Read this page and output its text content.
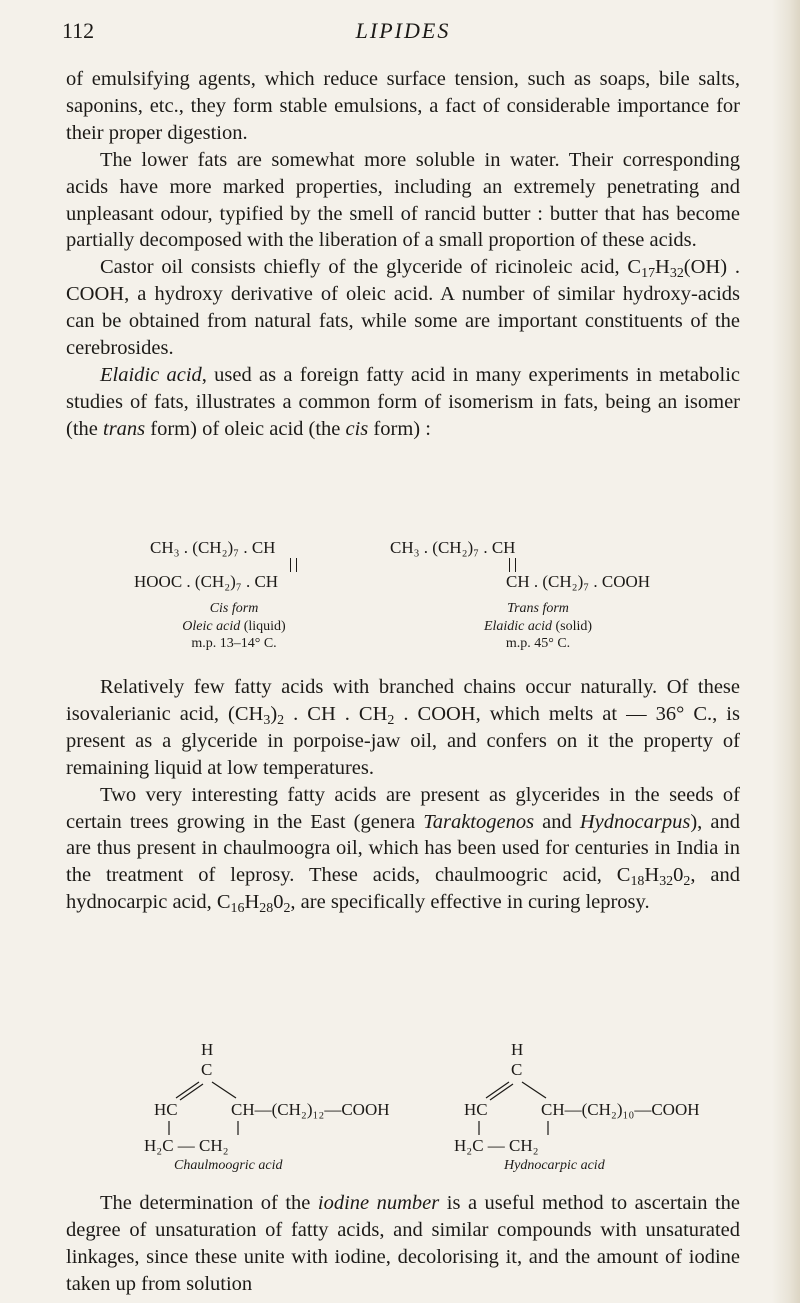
112	LIPIDES

of emulsifying agents, which reduce surface tension, such as soaps, bile salts, saponins, etc., they form stable emulsions, a fact of considerable importance for their proper digestion.

The lower fats are somewhat more soluble in water. Their corresponding acids have more marked properties, including an extremely penetrating and unpleasant odour, typified by the smell of rancid butter : butter that has become partially decomposed with the liberation of a small proportion of these acids.

Castor oil consists chiefly of the glyceride of ricinoleic acid, $C_{17}H_{32}(OH)$ . COOH, a hydroxy derivative of oleic acid. A number of similar hydroxy-acids can be obtained from natural fats, while some are important constituents of the cerebrosides.

Elaidic acid, used as a foreign fatty acid in many experiments in metabolic studies of fats, illustrates a common form of isomerism in fats, being an isomer (the trans form) of oleic acid (the cis form) :

CH₃ . (CH₂)₇ . CH
HOOC . (CH₂)₇ . CH
Cis form
Oleic acid (liquid)
m.p. 13–14° C.
CH₃ . (CH₂)₇ . CH
CH . (CH₂)₇ . COOH
Trans form
Elaidic acid (solid)
m.p. 45° C.

Relatively few fatty acids with branched chains occur naturally. Of these isovalerianic acid, $(CH_3)_2$ . CH . $CH_2$ . COOH, which melts at — 36° C., is present as a glyceride in porpoise-jaw oil, and confers on it the property of remaining liquid at low temperatures.

Two very interesting fatty acids are present as glycerides in the seeds of certain trees growing in the East (genera Taraktogenos and Hydnocarpus), and are thus present in chaulmoogra oil, which has been used for centuries in India in the treatment of leprosy. These acids, chaulmoogric acid, $C_{18}H_{32}0_2$, and hydnocarpic acid, $C_{16}H_{28}0_2$, are specifically effective in curing leprosy.

H
C
HC	CH—(CH₂)₁₂—COOH
H₂C — CH₂
Chaulmoogric acid
H
C
HC	CH—(CH₂)₁₀—COOH
H₂C — CH₂
Hydnocarpic acid

The determination of the iodine number is a useful method to ascertain the degree of unsaturation of fatty acids, and similar compounds with unsaturated linkages, since these unite with iodine, decolorising it, and the amount of iodine taken up from solution
